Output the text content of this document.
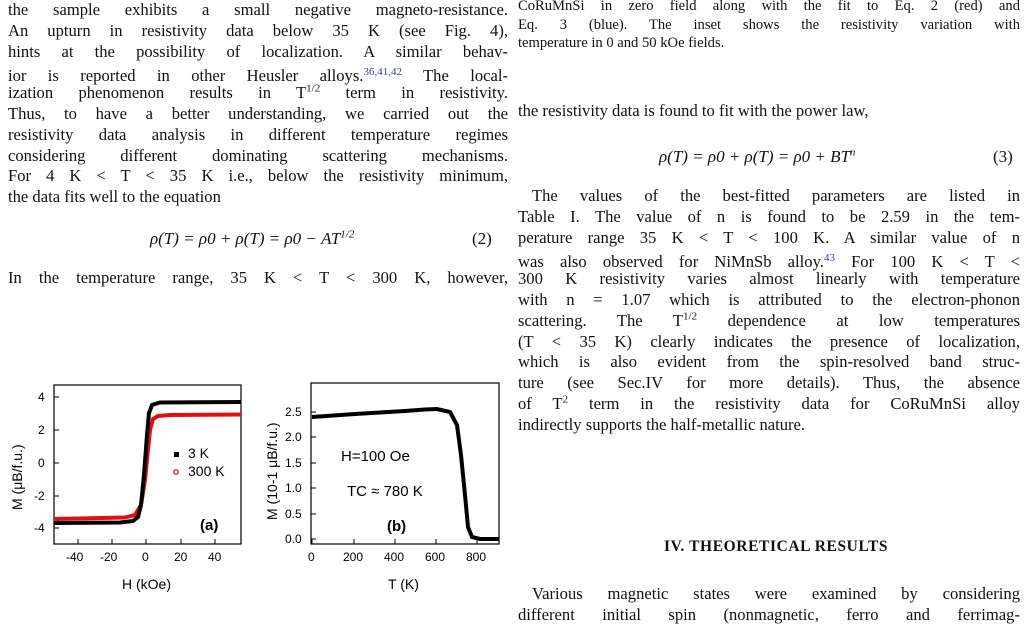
the sample exhibits a small negative magneto-resistance.
An upturn in resistivity data below 35 K (see Fig. 4),
hints at the possibility of localization. A similar behav-
ior is reported in other Heusler alloys.$^{36,41,42}$ The local-
ization phenomenon results in $T^{1/2}$ term in resistivity.
Thus, to have a better understanding, we carried out the
resistivity data analysis in different temperature regimes
considering different dominating scattering mechanisms.
For 4 K < T < 35 K i.e., below the resistivity minimum,
the data fits well to the equation
$\rho(T) = \rho 0 + \rho(T) = \rho 0 - AT^{1/2}$	(2)
In the temperature range, 35 K < T < 300 K, however,
4
2
0
-2
-4
-40 -20 0 20 40
H (kOe)
M (μB/f.u.)	3 K
300 K
(a)
2.5
2.0
1.5
1.0
0.5
0.0
0 200 400 600 800
T (K)
M (10-1 μB/f.u.)	H=100 Oe
TC ≈ 780 K
(b)
CoRuMnSi in zero field along with the fit to Eq. 2 (red) and
Eq. 3 (blue). The inset shows the resistivity variation with
temperature in 0 and 50 kOe fields.
the resistivity data is found to fit with the power law,
$\rho(T) = \rho 0 + \rho(T) = \rho 0 + BT^n$	(3)
The values of the best-fitted parameters are listed in
Table I. The value of n is found to be 2.59 in the tem-
perature range 35 K < T < 100 K. A similar value of n
was also observed for NiMnSb alloy.$^{43}$ For 100 K < T <
300 K resistivity varies almost linearly with temperature
with n = 1.07 which is attributed to the electron-phonon
scattering. The $T^{1/2}$ dependence at low temperatures
(T < 35 K) clearly indicates the presence of localization,
which is also evident from the spin-resolved band struc-
ture (see Sec.IV for more details). Thus, the absence
of $T^2$ term in the resistivity data for CoRuMnSi alloy
indirectly supports the half-metallic nature.
IV. THEORETICAL RESULTS
Various magnetic states were examined by considering
different initial spin (nonmagnetic, ferro and ferrimag-
